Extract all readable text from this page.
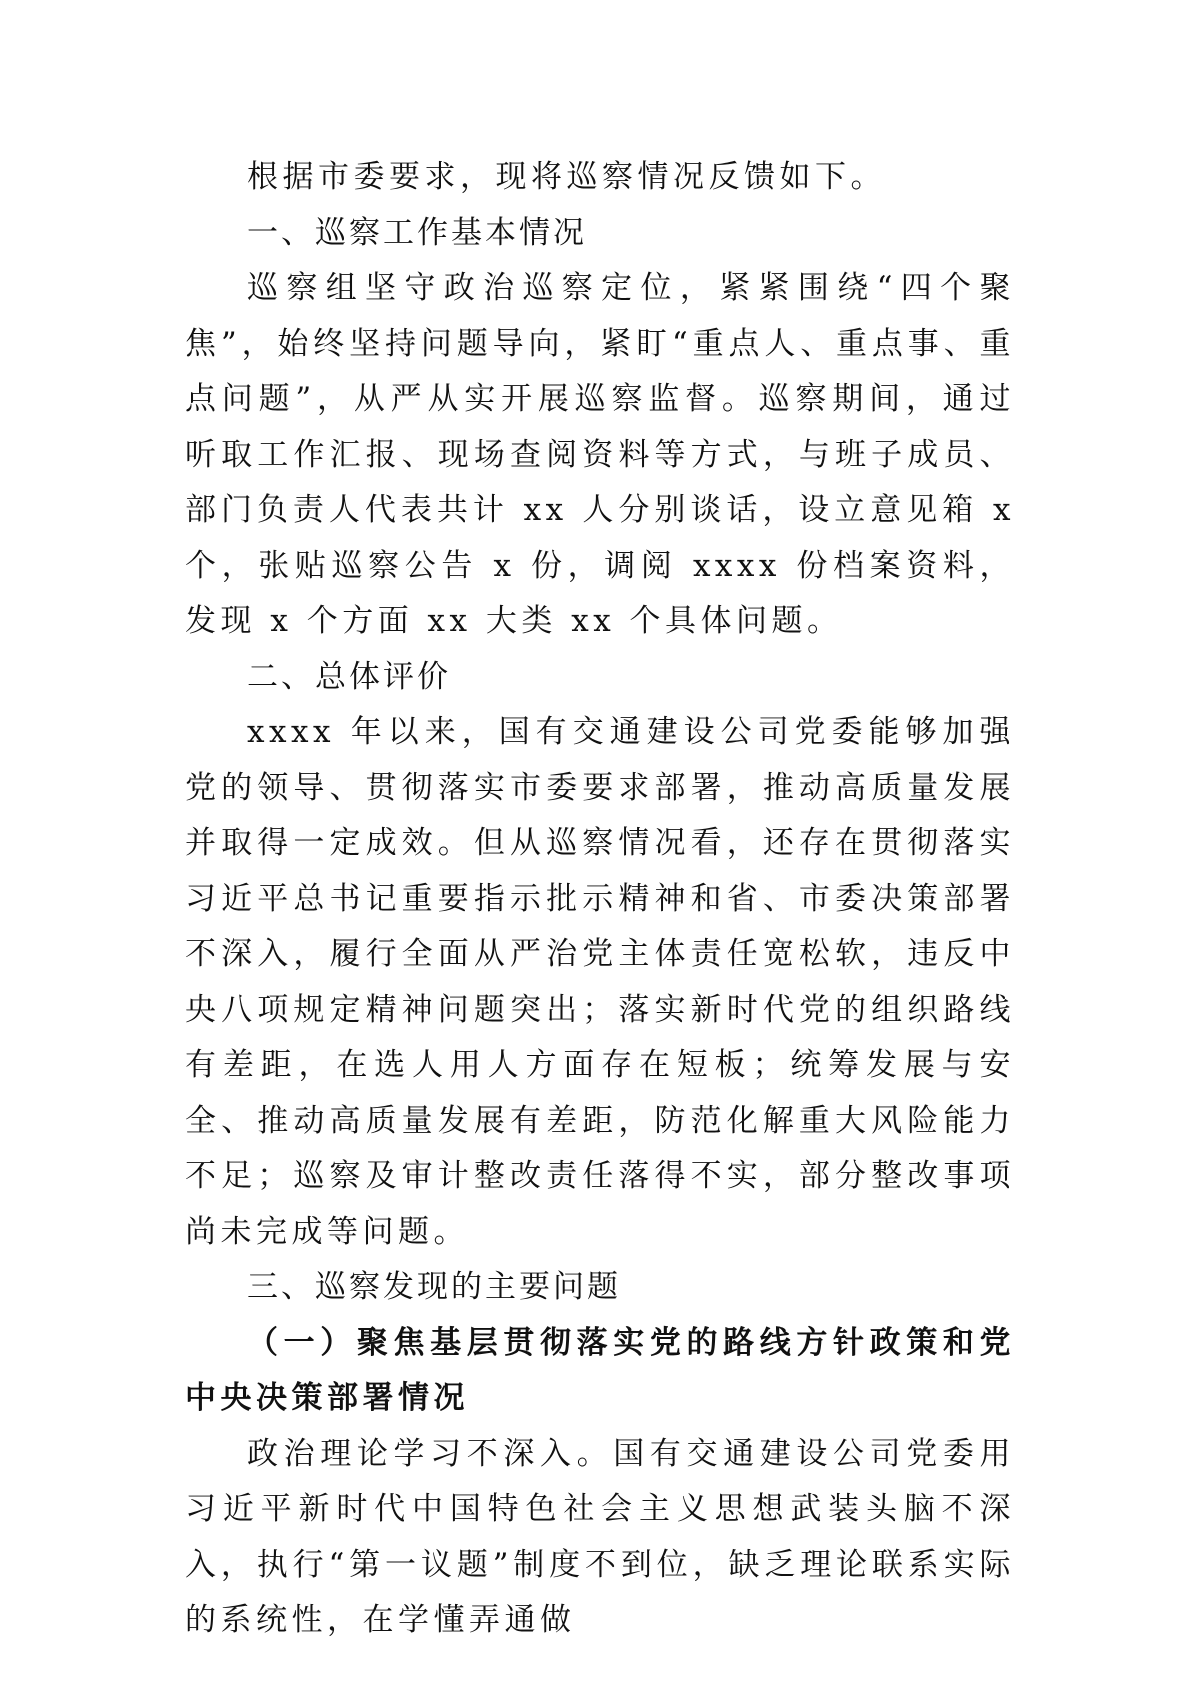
根据市委要求，现将巡察情况反馈如下。

一、巡察工作基本情况

巡察组坚守政治巡察定位，紧紧围绕“四个聚焦”，始终坚持问题导向，紧盯“重点人、重点事、重点问题”，从严从实开展巡察监督。巡察期间，通过听取工作汇报、现场查阅资料等方式，与班子成员、部门负责人代表共计 xx 人分别谈话，设立意见箱 x 个，张贴巡察公告 x 份，调阅 xxxx 份档案资料，发现 x 个方面 xx 大类 xx 个具体问题。

二、总体评价

xxxx 年以来，国有交通建设公司党委能够加强党的领导、贯彻落实市委要求部署，推动高质量发展并取得一定成效。但从巡察情况看，还存在贯彻落实习近平总书记重要指示批示精神和省、市委决策部署不深入，履行全面从严治党主体责任宽松软，违反中央八项规定精神问题突出；落实新时代党的组织路线有差距，在选人用人方面存在短板；统筹发展与安全、推动高质量发展有差距，防范化解重大风险能力不足；巡察及审计整改责任落得不实，部分整改事项尚未完成等问题。

三、巡察发现的主要问题
（一）聚焦基层贯彻落实党的路线方针政策和党中央决策部署情况

政治理论学习不深入。国有交通建设公司党委用习近平新时代中国特色社会主义思想武装头脑不深入，执行“第一议题”制度不到位，缺乏理论联系实际的系统性，在学懂弄通做
